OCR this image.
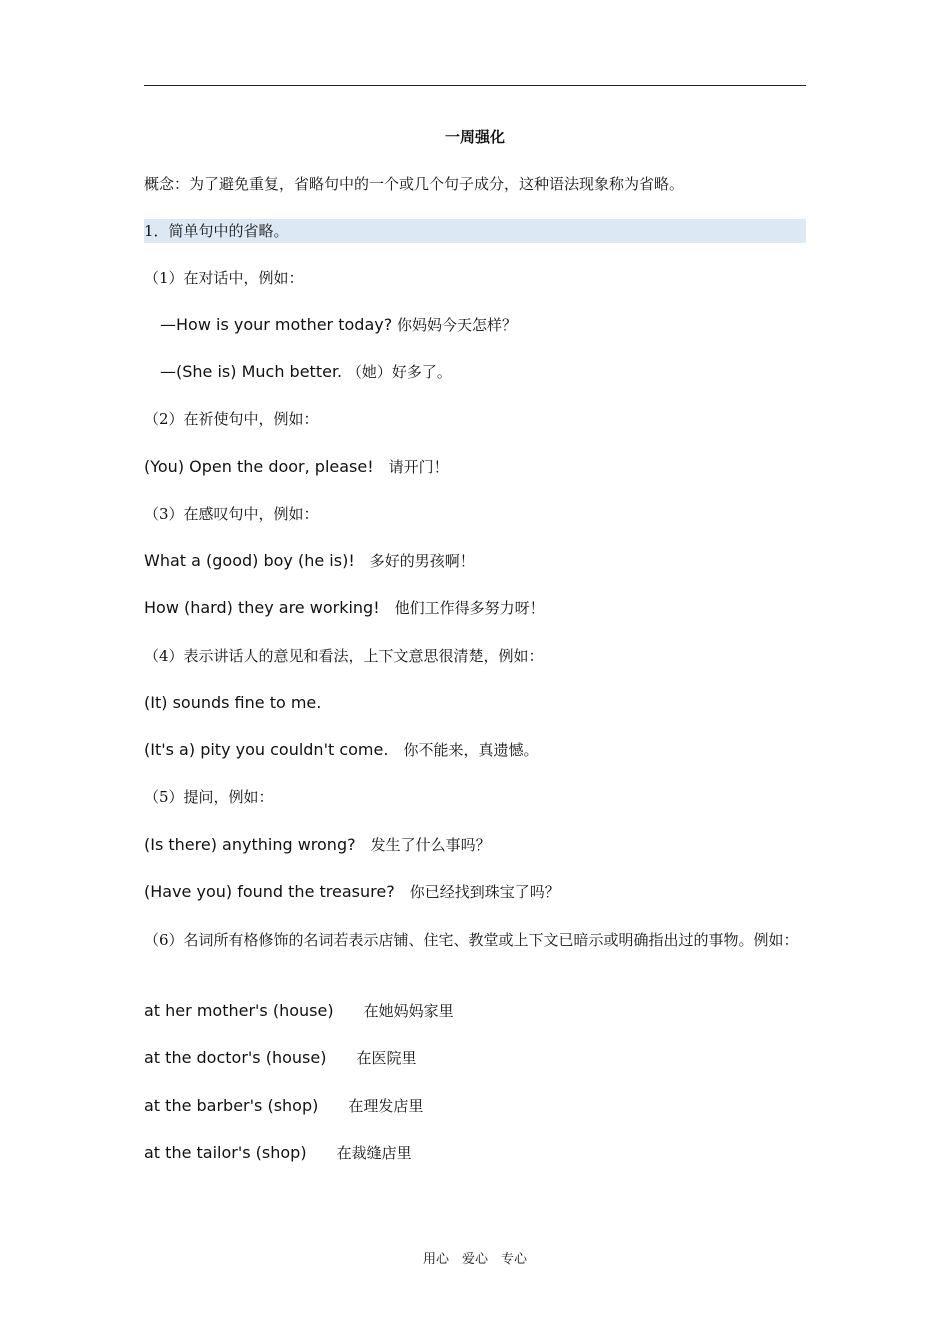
一周强化
概念：为了避免重复，省略句中的一个或几个句子成分，这种语法现象称为省略。
1．简单句中的省略。
（1）在对话中，例如：
—How is your mother today? 你妈妈今天怎样？
—(She is) Much better. （她）好多了。
（2）在祈使句中，例如：
(You) Open the door, please!　请开门！
（3）在感叹句中，例如：
What a (good) boy (he is)!　多好的男孩啊！
How (hard) they are working!　他们工作得多努力呀！
（4）表示讲话人的意见和看法，上下文意思很清楚，例如：
(It) sounds fine to me.
(It's a) pity you couldn't come.　你不能来，真遗憾。
（5）提问，例如：
(Is there) anything wrong?　发生了什么事吗？
(Have you) found the treasure?　你已经找到珠宝了吗？
（6）名词所有格修饰的名词若表示店铺、住宅、教堂或上下文已暗示或明确指出过的事物。例如：
at her mother's (house)　　在她妈妈家里
at the doctor's (house)　　在医院里
at the barber's (shop)　　在理发店里
at the tailor's (shop)　　在裁缝店里
用心　爱心　专心
